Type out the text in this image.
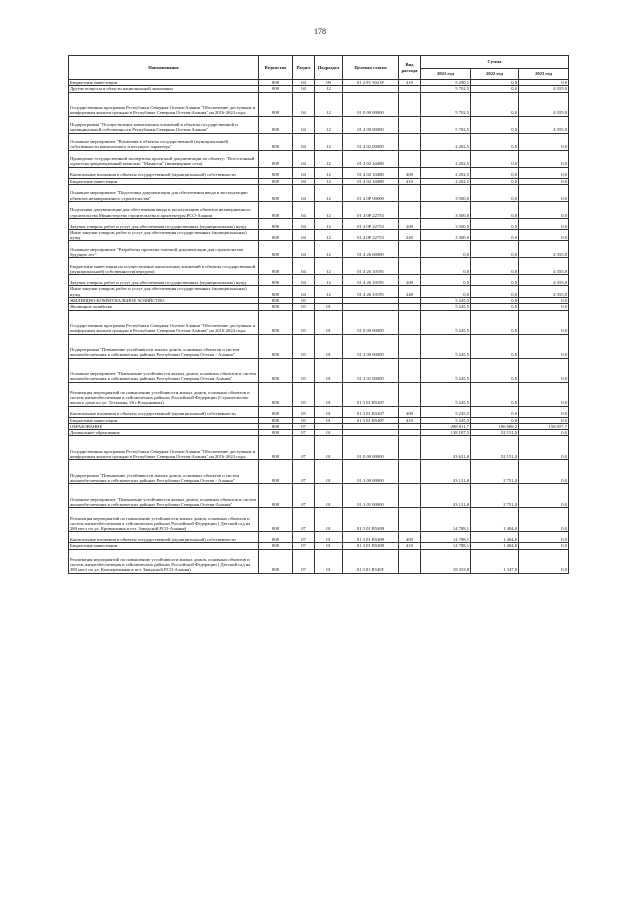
178
Наименование	Ведомство	Раздел	Подраздел	Целевая статья	Вид расхода	Сумма		
						2021 год	2022 год	2023 год
Бюджетные инвестиции	808	04	09	01 2 F1 5021F	410	5 290,1	0,0	0,0
Другие вопросы в области национальной экономики	808	04	12			5 702,5	0,0	4 355,0
Государственная программа Республики Северная Осетия-Алания "Обеспечение доступным и комфортным жильем граждан в Республике Северная Осетия-Алания" на 2016-2024 годы	808	04	12	01 0 00 00000		5 702,5	0,0	4 355,0
Подпрограмма "Осуществление капитальных вложений в объекты государственной и муниципальной собственности Республики Северная Осетия-Алания"	808	04	12	01 4 00 00000		5 702,5	0,0	4 355,0
Основное мероприятие "Вложения в объекты государственной (муниципальной) собственности капитального и несущего характера"	808	04	12	01 4 02 00000		2 202,5	0,0	0,0
Проведение государственной экспертизы проектной документации по объекту: "Всесезонный туристско-рекреационный комплекс "Мамисон" (инженерные сети)	808	04	12	01 4 02 10488		2 202,5	0,0	0,0
Капитальные вложения в объекты государственной (муниципальной) собственности	808	04	12	01 4 02 10488	400	2 202,5	0,0	0,0
Бюджетные инвестиции	808	04	12	01 4 02 10488	410	2 202,5	0,0	0,0
Основное мероприятие "Подготовка документации для обеспечения ввода в эксплуатацию объектов незавершенного строительства"	808	04	12	01 4 0Р 00000		3 500,0	0,0	0,0
Подготовка документации для обеспечения ввода в эксплуатацию объектов незавершенного строительства Министерства строительства и архитектуры РСО-Алания	808	04	12	01 4 0Р 22753		3 500,0	0,0	0,0
Закупка товаров, работ и услуг для обеспечения государственных (муниципальных) нужд	808	04	12	01 4 0Р 22753	200	3 500,0	0,0	0,0
Иные закупки товаров, работ и услуг для обеспечения государственных (муниципальных) нужд	808	04	12	01 4 0Р 22753	240	3 500,0	0,0	0,0
Основное мероприятие "Разработка проектно-сметной документации для строительства будущих лет"	808	04	12	01 4 26 00000		0,0	0,0	4 355,0
Бюджетные инвестиции на осуществление капитальных вложений в объекты государственной (муниципальной) собственности(передача)	808	04	12	01 4 26 10195		0,0	0,0	4 355,0
Закупка товаров, работ и услуг для обеспечения государственных (муниципальных) нужд	808	04	12	01 4 26 10195	200	0,0	0,0	4 355,0
Иные закупки товаров, работ и услуг для обеспечения государственных (муниципальных) нужд	808	04	12	01 4 26 10195	240	0,0	0,0	4 355,0
ЖИЛИЩНО-КОММУНАЛЬНОЕ ХОЗЯЙСТВО	808	05				5 245,5	0,0	0,0
Жилищное хозяйство	808	05	01			5 245,5	0,0	0,0
Государственная программа Республики Северная Осетия-Алания "Обеспечение доступным и комфортным жильем граждан в Республике Северная Осетия-Алания" на 2016-2024 годы	808	05	01	01 0 00 00000		5 245,5	0,0	0,0
Подпрограмма "Повышение устойчивости жилых домов, основных объектов и систем жизнеобеспечения в сейсмических районах Республики Северная Осетия - Алания"	808	05	01	01 3 00 00000		5 245,5	0,0	0,0
Основное мероприятие "Повышение устойчивости жилых домов, основных объектов и систем жизнеобеспечения в сейсмических районах Республики Северная Осетия-Алания"	808	05	01	01 3 01 00000		5 245,5	0,0	0,0
Реализация мероприятий по повышению устойчивости жилых домов, основных объектов и систем жизнеобеспечения в сейсмических районах Российской Федерации (Строительство жилого дома по ул. Тельмана, 26 г.Владикавказ)	808	05	01	01 3 01 R5407		5 245,5	0,0	0,0
Капитальные вложения в объекты государственной (муниципальной) собственности	808	05	01	01 3 01 R5407	400	5 245,5	0,0	0,0
Бюджетные инвестиции	808	05	01	01 3 01 R5407	410	5 245,5	0,0	0,0
ОБРАЗОВАНИЕ	808	07				288 811,7	106 088,2	158 057,7
Дошкольное образование	808	07	01			138 187,5	52 151,0	0,0
Государственная программа Республики Северная Осетия-Алания "Обеспечение доступным и комфортным жильем граждан в Республике Северная Осетия-Алания" на 2016-2024 годы	808	07	01	01 0 00 00000		33 621,8	52 151,0	0,0
Подпрограмма "Повышение устойчивости жилых домов, основных объектов и систем жизнеобеспечения в сейсмических районах Республики Северная Осетия - Алания"	808	07	01	01 3 00 00000		33 121,8	2 751,0	0,0
Основное мероприятие "Повышение устойчивости жилых домов, основных объектов и систем жизнеобеспечения в сейсмических районах Республики Северная Осетия-Алания"	808	07	01	01 3 01 00000		33 121,8	2 751,0	0,0
Реализация мероприятий по повышению устойчивости жилых домов, основных объектов и систем жизнеобеспечения в сейсмических районах Российской Федерации ( Детский сад на 280 мест по ул. Кривошеина в пгт. Заводской РСО-Алания)	808	07	01	01 3 01 R5409		14 788,1	1 404,0	0,0
Капитальные вложения в объекты государственной (муниципальной) собственности	808	07	01	01 3 01 R5409	400	14 788,1	1 404,0	0,0
Бюджетные инвестиции	808	07	01	01 3 01 R5409	410	14 788,1	1 404,0	0,0
Реализация мероприятий по повышению устойчивости жилых домов, основных объектов и систем жизнеобеспечения в сейсмических районах Российской Федерации ( Детский сад на 280 мест по ул. Кооперативная в пгт. Заводской РСО-Алания)	808	07	01	01 3 01 R540Г		18 333,8	1 347,0	0,0
